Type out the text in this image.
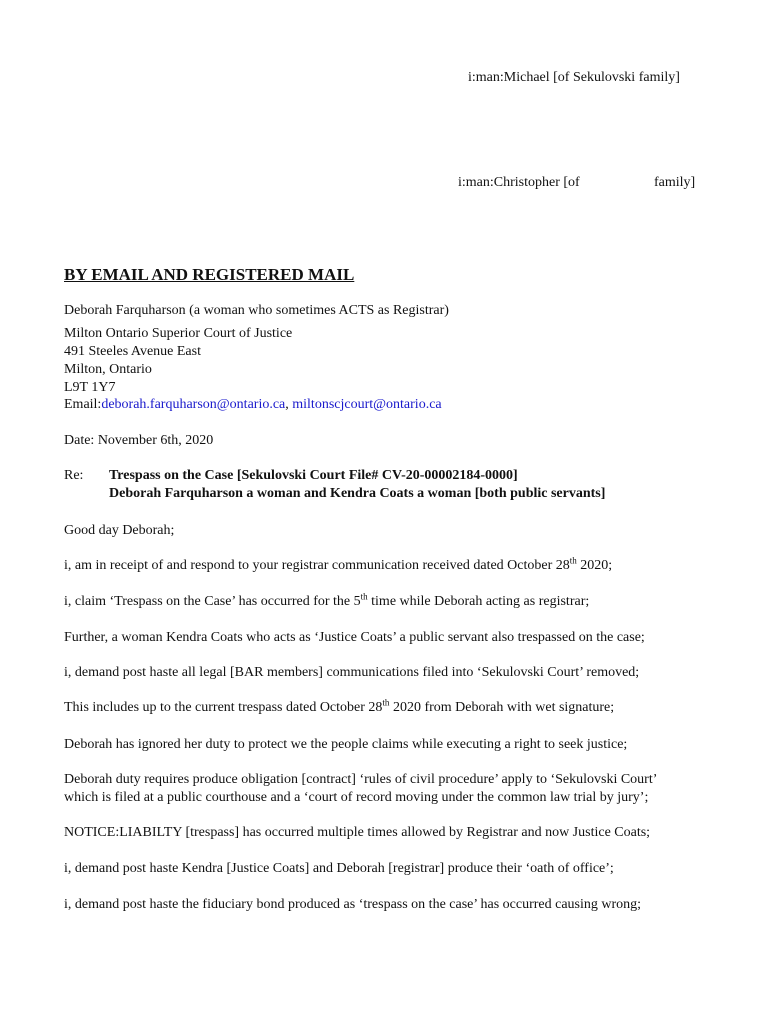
i:man:Michael [of Sekulovski family]
i:man:Christopher [of	family]
BY EMAIL AND REGISTERED MAIL
Deborah Farquharson (a woman who sometimes ACTS as Registrar)
Milton Ontario Superior Court of Justice
491 Steeles Avenue East
Milton, Ontario
L9T 1Y7
Email:deborah.farquharson@ontario.ca, miltonscjcourt@ontario.ca
Date: November 6th, 2020
Re: Trespass on the Case [Sekulovski Court File# CV-20-00002184-0000]
Deborah Farquharson a woman and Kendra Coats a woman [both public servants]
Good day Deborah;
i, am in receipt of and respond to your registrar communication received dated October 28th 2020;
i, claim ‘Trespass on the Case’ has occurred for the 5th time while Deborah acting as registrar;
Further, a woman Kendra Coats who acts as ‘Justice Coats’ a public servant also trespassed on the case;
i, demand post haste all legal [BAR members] communications filed into ‘Sekulovski Court’ removed;
This includes up to the current trespass dated October 28th 2020 from Deborah with wet signature;
Deborah has ignored her duty to protect we the people claims while executing a right to seek justice;
Deborah duty requires produce obligation [contract] ‘rules of civil procedure’ apply to ‘Sekulovski Court’
which is filed at a public courthouse and a ‘court of record moving under the common law trial by jury’;
NOTICE:LIABILTY [trespass] has occurred multiple times allowed by Registrar and now Justice Coats;
i, demand post haste Kendra [Justice Coats] and Deborah [registrar] produce their ‘oath of office’;
i, demand post haste the fiduciary bond produced as ‘trespass on the case’ has occurred causing wrong;
